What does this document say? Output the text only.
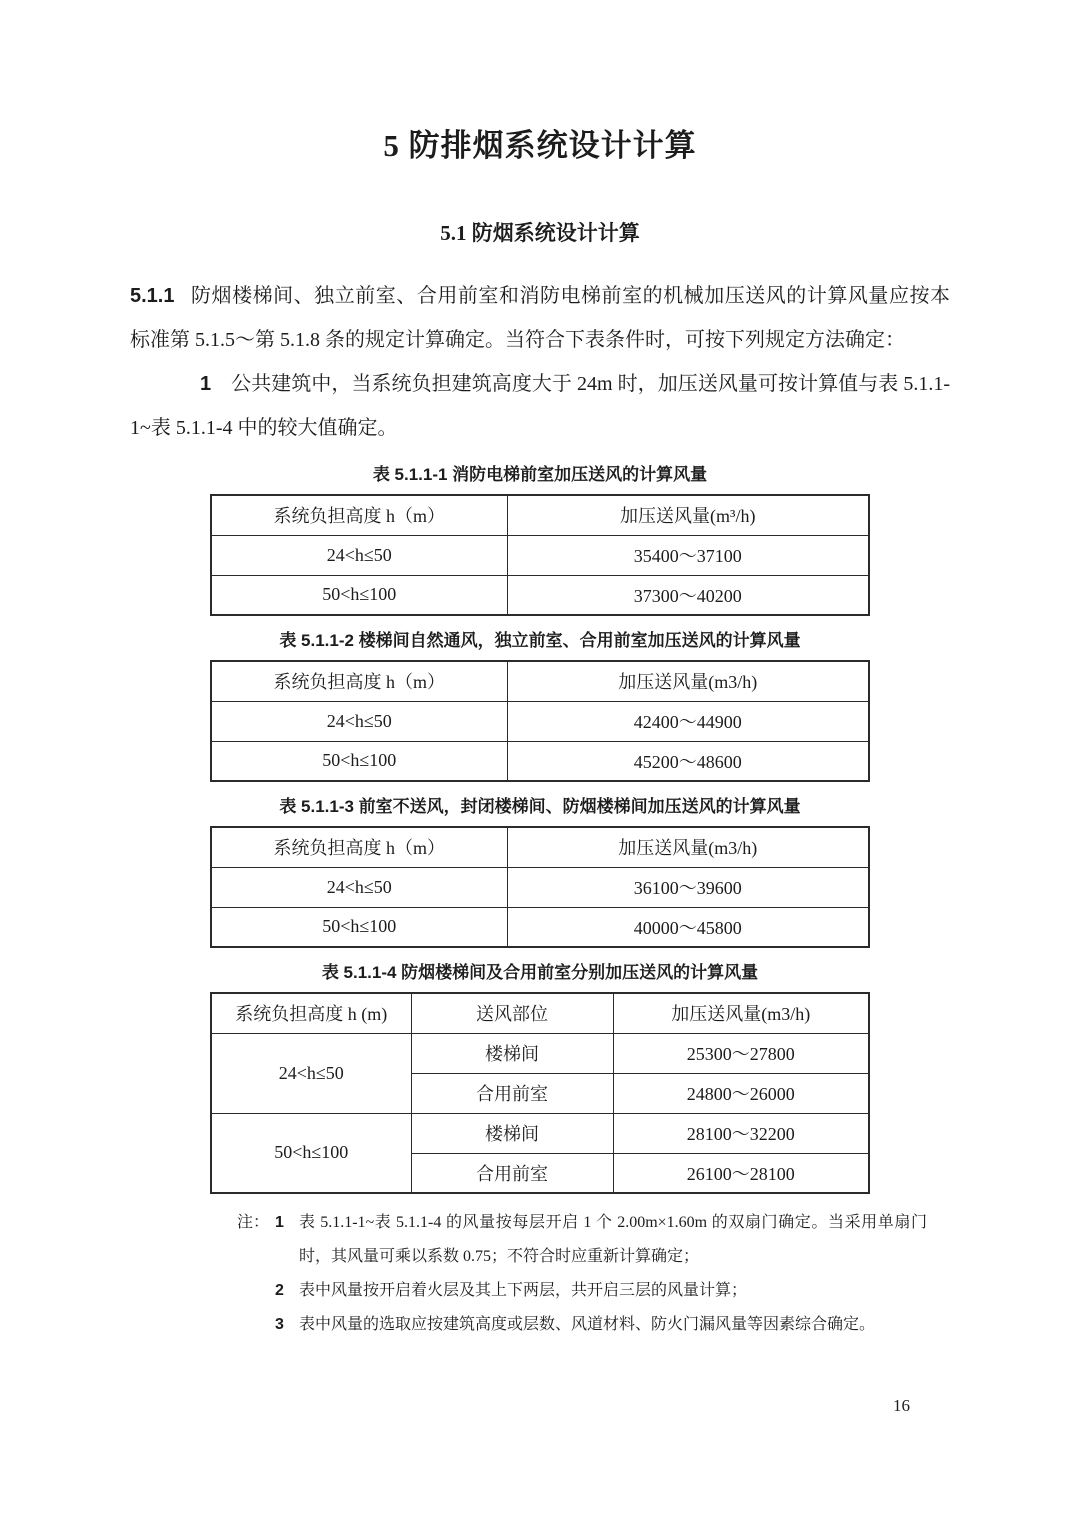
5 防排烟系统设计计算
5.1 防烟系统设计计算

5.1.1 防烟楼梯间、独立前室、合用前室和消防电梯前室的机械加压送风的计算风量应按本标准第 5.1.5～第 5.1.8 条的规定计算确定。当符合下表条件时，可按下列规定方法确定：

1 公共建筑中，当系统负担建筑高度大于 24m 时，加压送风量可按计算值与表 5.1.1-1~表 5.1.1-4 中的较大值确定。

表 5.1.1-1 消防电梯前室加压送风的计算风量
系统负担高度 h（m）	加压送风量(m³/h)
24<h≤50	35400～37100
50<h≤100	37300～40200
表 5.1.1-2 楼梯间自然通风，独立前室、合用前室加压送风的计算风量
系统负担高度 h（m）	加压送风量(m3/h)
24<h≤50	42400～44900
50<h≤100	45200～48600
表 5.1.1-3 前室不送风，封闭楼梯间、防烟楼梯间加压送风的计算风量
系统负担高度 h（m）	加压送风量(m3/h)
24<h≤50	36100～39600
50<h≤100	40000～45800
表 5.1.1-4 防烟楼梯间及合用前室分别加压送风的计算风量
系统负担高度 h (m)	送风部位	加压送风量(m3/h)
24<h≤50	楼梯间	25300～27800
	合用前室	24800～26000
50<h≤100	楼梯间	28100～32200
	合用前室	26100～28100
注： 1 表 5.1.1-1~表 5.1.1-4 的风量按每层开启 1 个 2.00m×1.60m 的双扇门确定。当采用单扇门时，其风量可乘以系数 0.75；不符合时应重新计算确定；
2 表中风量按开启着火层及其上下两层，共开启三层的风量计算；
3 表中风量的选取应按建筑高度或层数、风道材料、防火门漏风量等因素综合确定。
16
